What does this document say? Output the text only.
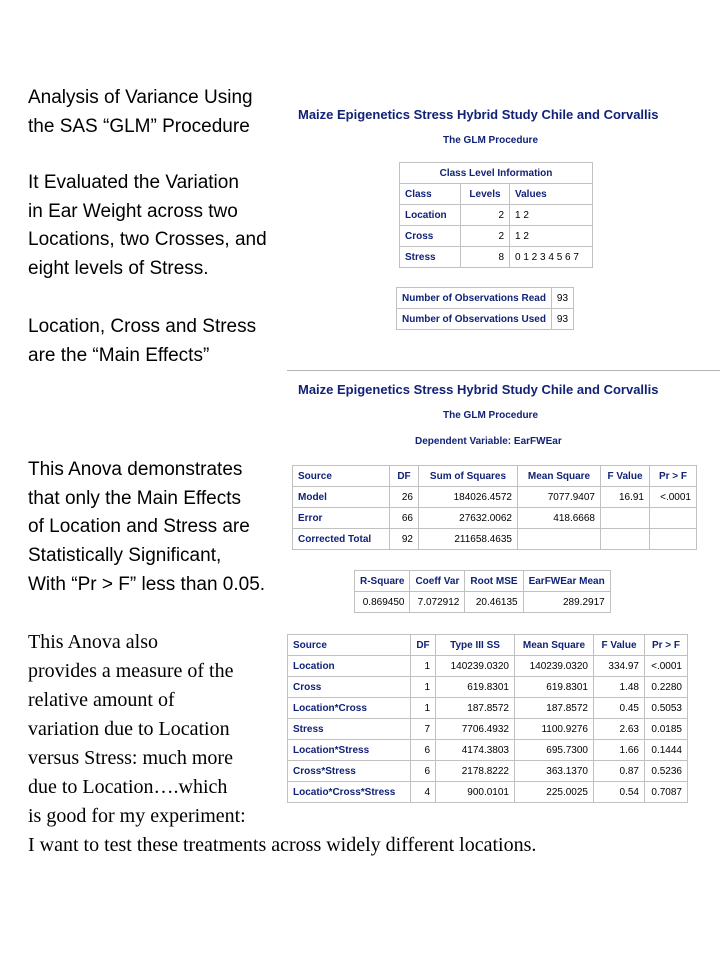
Analysis of Variance Using
the SAS “GLM” Procedure
It Evaluated the Variation
in Ear Weight across two
Locations, two Crosses, and
eight levels of Stress.
Location, Cross and Stress
are the “Main Effects”
This Anova demonstrates
that only the Main Effects
of Location and Stress are
Statistically Significant,
With “Pr > F” less than 0.05.
This Anova also
provides a measure of the
relative amount of
variation due to Location
versus Stress: much more
due to Location….which
is good for my experiment:
I want to test these treatments across widely different locations.
Maize Epigenetics Stress Hybrid Study Chile and Corvallis
The GLM Procedure
Class Level Information		
Class	Levels	Values
Location	2	1 2
Cross	2	1 2
Stress	8	0 1 2 3 4 5 6 7
Number of Observations Read	93
Number of Observations Used	93
Maize Epigenetics Stress Hybrid Study Chile and Corvallis
The GLM Procedure
Dependent Variable: EarFWEar
Source	DF	Sum of Squares	Mean Square	F Value	Pr > F
Model	26	184026.4572	7077.9407	16.91	<.0001
Error	66	27632.0062	418.6668		
Corrected Total	92	211658.4635			
R-Square	Coeff Var	Root MSE	EarFWEar Mean
0.869450	7.072912	20.46135	289.2917
Source	DF	Type III SS	Mean Square	F Value	Pr > F
Location	1	140239.0320	140239.0320	334.97	<.0001
Cross	1	619.8301	619.8301	1.48	0.2280
Location*Cross	1	187.8572	187.8572	0.45	0.5053
Stress	7	7706.4932	1100.9276	2.63	0.0185
Location*Stress	6	4174.3803	695.7300	1.66	0.1444
Cross*Stress	6	2178.8222	363.1370	0.87	0.5236
Locatio*Cross*Stress	4	900.0101	225.0025	0.54	0.7087
